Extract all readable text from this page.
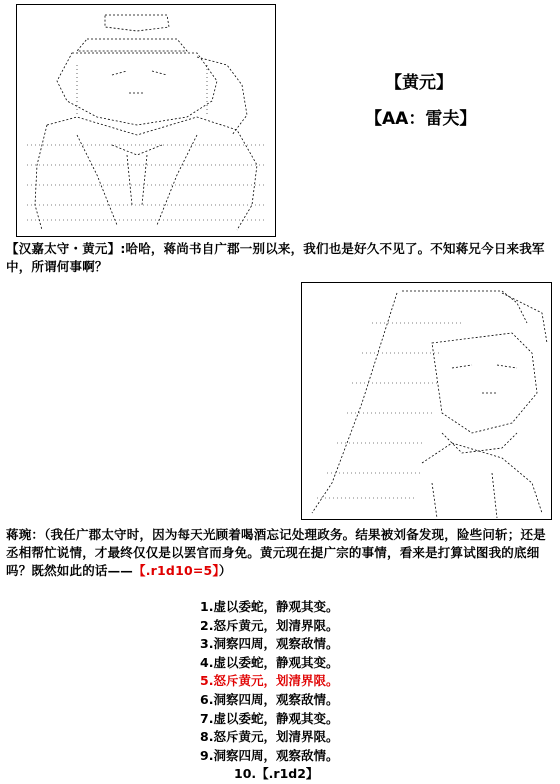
【黄元】
【AA：雷夫】
【汉嘉太守・黄元】:哈哈，蒋尚书自广郡一别以来，我们也是好久不见了。不知蒋兄今日来我军中，所谓何事啊？
蒋琬：（我任广郡太守时，因为每天光顾着喝酒忘记处理政务。结果被刘备发现，险些问斩；还是丞相帮忙说情，才最终仅仅是以罢官而身免。黄元现在提广宗的事情，看来是打算试图我的底细吗？既然如此的话——【.r1d10=5】）
1.虚以委蛇，静观其变。
2.怒斥黄元，划清界限。
3.洞察四周，观察敌情。
4.虚以委蛇，静观其变。
5.怒斥黄元，划清界限。
6.洞察四周，观察敌情。
7.虚以委蛇，静观其变。
8.怒斥黄元，划清界限。
9.洞察四周，观察敌情。
10.【.r1d2】
